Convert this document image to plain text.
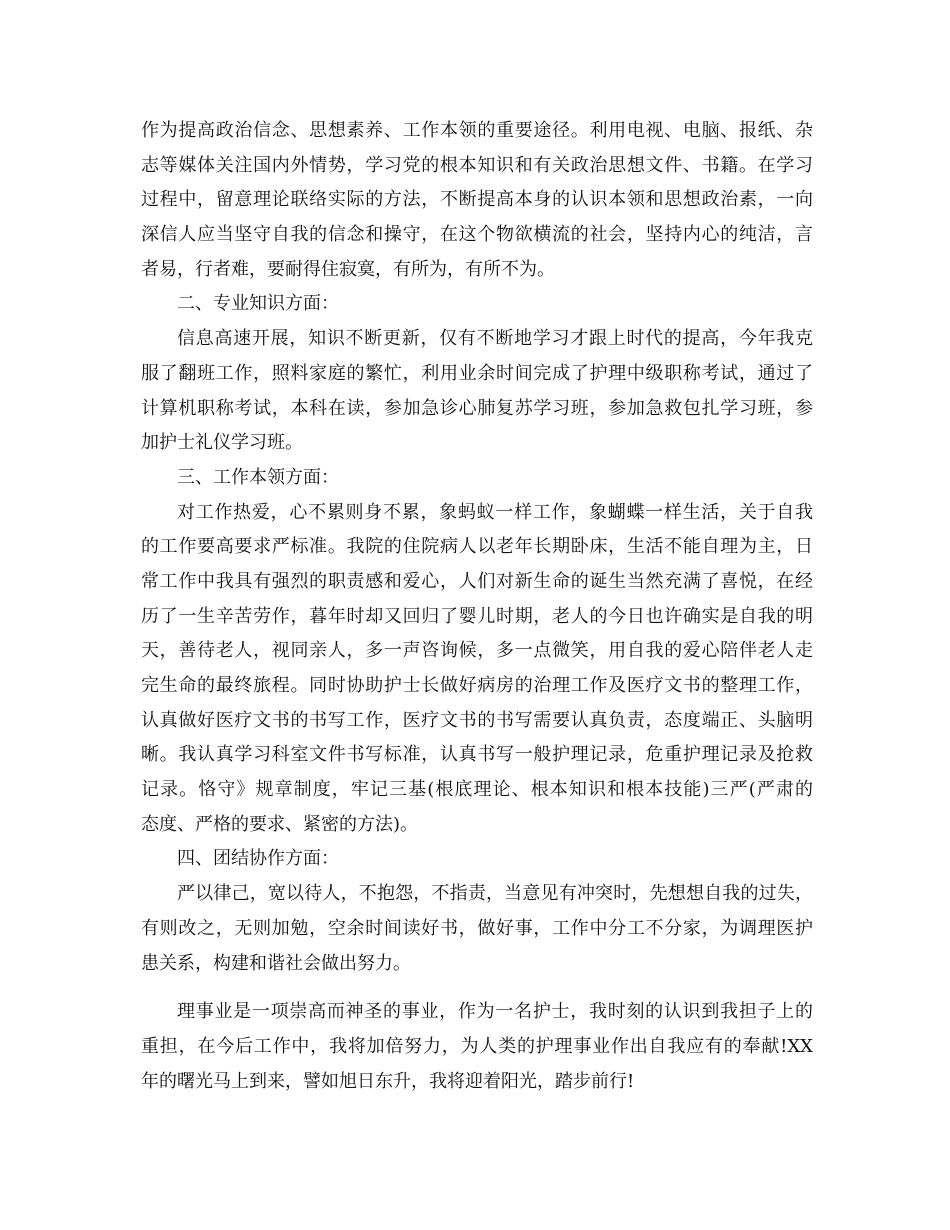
作为提高政治信念、思想素养、工作本领的重要途径。利用电视、电脑、报纸、杂
志等媒体关注国内外情势，学习党的根本知识和有关政治思想文件、书籍。在学习
过程中，留意理论联络实际的方法，不断提高本身的认识本领和思想政治素，一向
深信人应当坚守自我的信念和操守，在这个物欲横流的社会，坚持内心的纯洁，言
者易，行者难，要耐得住寂寞，有所为，有所不为。
二、专业知识方面：
信息高速开展，知识不断更新，仅有不断地学习才跟上时代的提高，今年我克
服了翻班工作，照料家庭的繁忙，利用业余时间完成了护理中级职称考试，通过了
计算机职称考试，本科在读，参加急诊心肺复苏学习班，参加急救包扎学习班，参
加护士礼仪学习班。
三、工作本领方面：
对工作热爱，心不累则身不累，象蚂蚁一样工作，象蝴蝶一样生活，关于自我
的工作要高要求严标准。我院的住院病人以老年长期卧床，生活不能自理为主，日
常工作中我具有强烈的职责感和爱心，人们对新生命的诞生当然充满了喜悦，在经
历了一生辛苦劳作，暮年时却又回归了婴儿时期，老人的今日也许确实是自我的明
天，善待老人，视同亲人，多一声咨询候，多一点微笑，用自我的爱心陪伴老人走
完生命的最终旅程。同时协助护士长做好病房的治理工作及医疗文书的整理工作，
认真做好医疗文书的书写工作，医疗文书的书写需要认真负责，态度端正、头脑明
晰。我认真学习科室文件书写标准，认真书写一般护理记录，危重护理记录及抢救
记录。恪守》规章制度，牢记三基(根底理论、根本知识和根本技能)三严(严肃的
态度、严格的要求、紧密的方法)。
四、团结协作方面：
严以律己，宽以待人，不抱怨，不指责，当意见有冲突时，先想想自我的过失，
有则改之，无则加勉，空余时间读好书，做好事，工作中分工不分家，为调理医护
患关系，构建和谐社会做出努力。
理事业是一项崇高而神圣的事业，作为一名护士，我时刻的认识到我担子上的
重担，在今后工作中，我将加倍努力，为人类的护理事业作出自我应有的奉献!XX
年的曙光马上到来，譬如旭日东升，我将迎着阳光，踏步前行!
